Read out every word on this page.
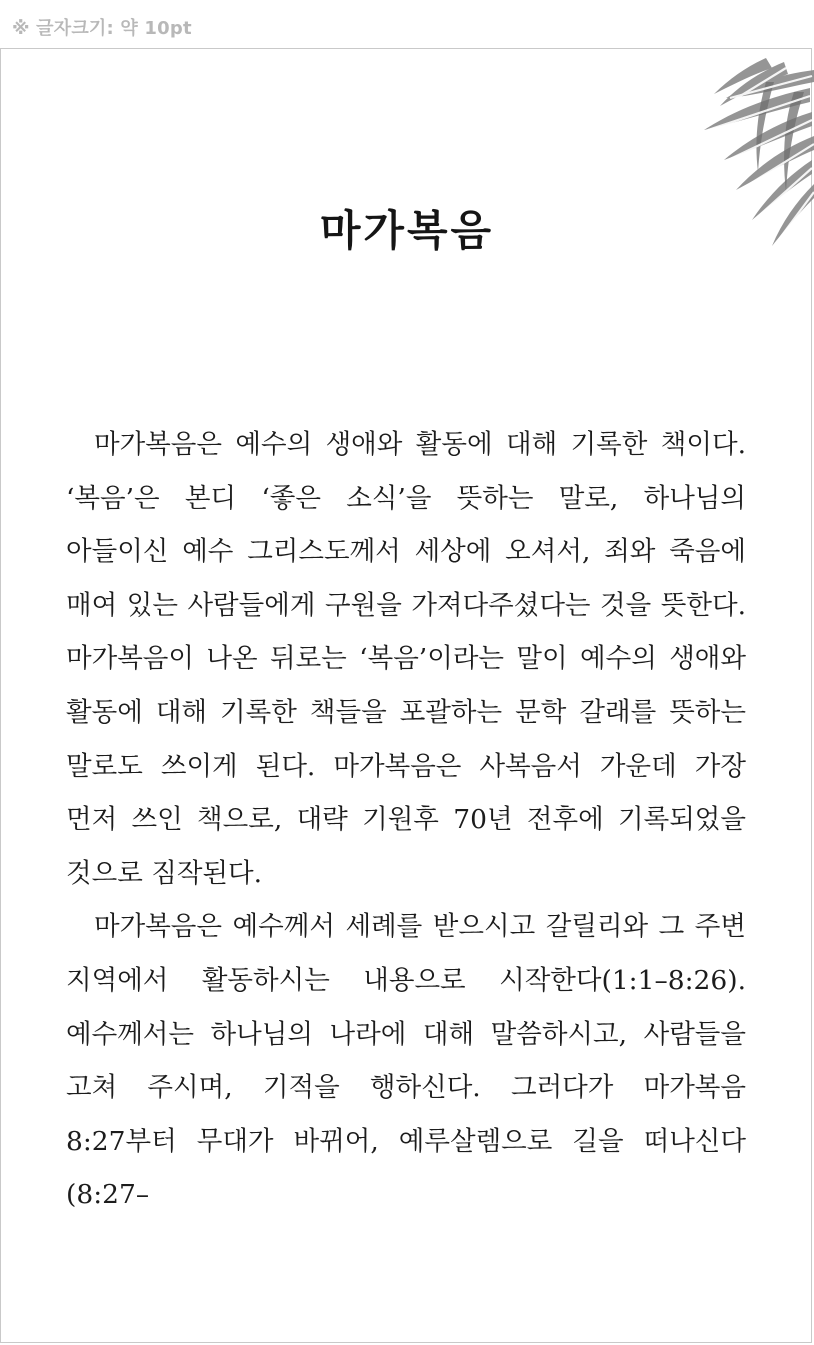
※ 글자크기: 약 10pt
마가복음

마가복음은 예수의 생애와 활동에 대해 기록한 책이다. ‘복음’은 본디 ‘좋은 소식’을 뜻하는 말로, 하나님의 아들이신 예수 그리스도께서 세상에 오셔서, 죄와 죽음에 매여 있는 사람들에게 구원을 가져다주셨다는 것을 뜻한다. 마가복음이 나온 뒤로는 ‘복음’이라는 말이 예수의 생애와 활동에 대해 기록한 책들을 포괄하는 문학 갈래를 뜻하는 말로도 쓰이게 된다. 마가복음은 사복음서 가운데 가장 먼저 쓰인 책으로, 대략 기원후 70년 전후에 기록되었을 것으로 짐작된다.

마가복음은 예수께서 세례를 받으시고 갈릴리와 그 주변 지역에서 활동하시는 내용으로 시작한다(1:1–8:26). 예수께서는 하나님의 나라에 대해 말씀하시고, 사람들을 고쳐 주시며, 기적을 행하신다. 그러다가 마가복음 8:27부터 무대가 바뀌어, 예루살렘으로 길을 떠나신다(8:27–
